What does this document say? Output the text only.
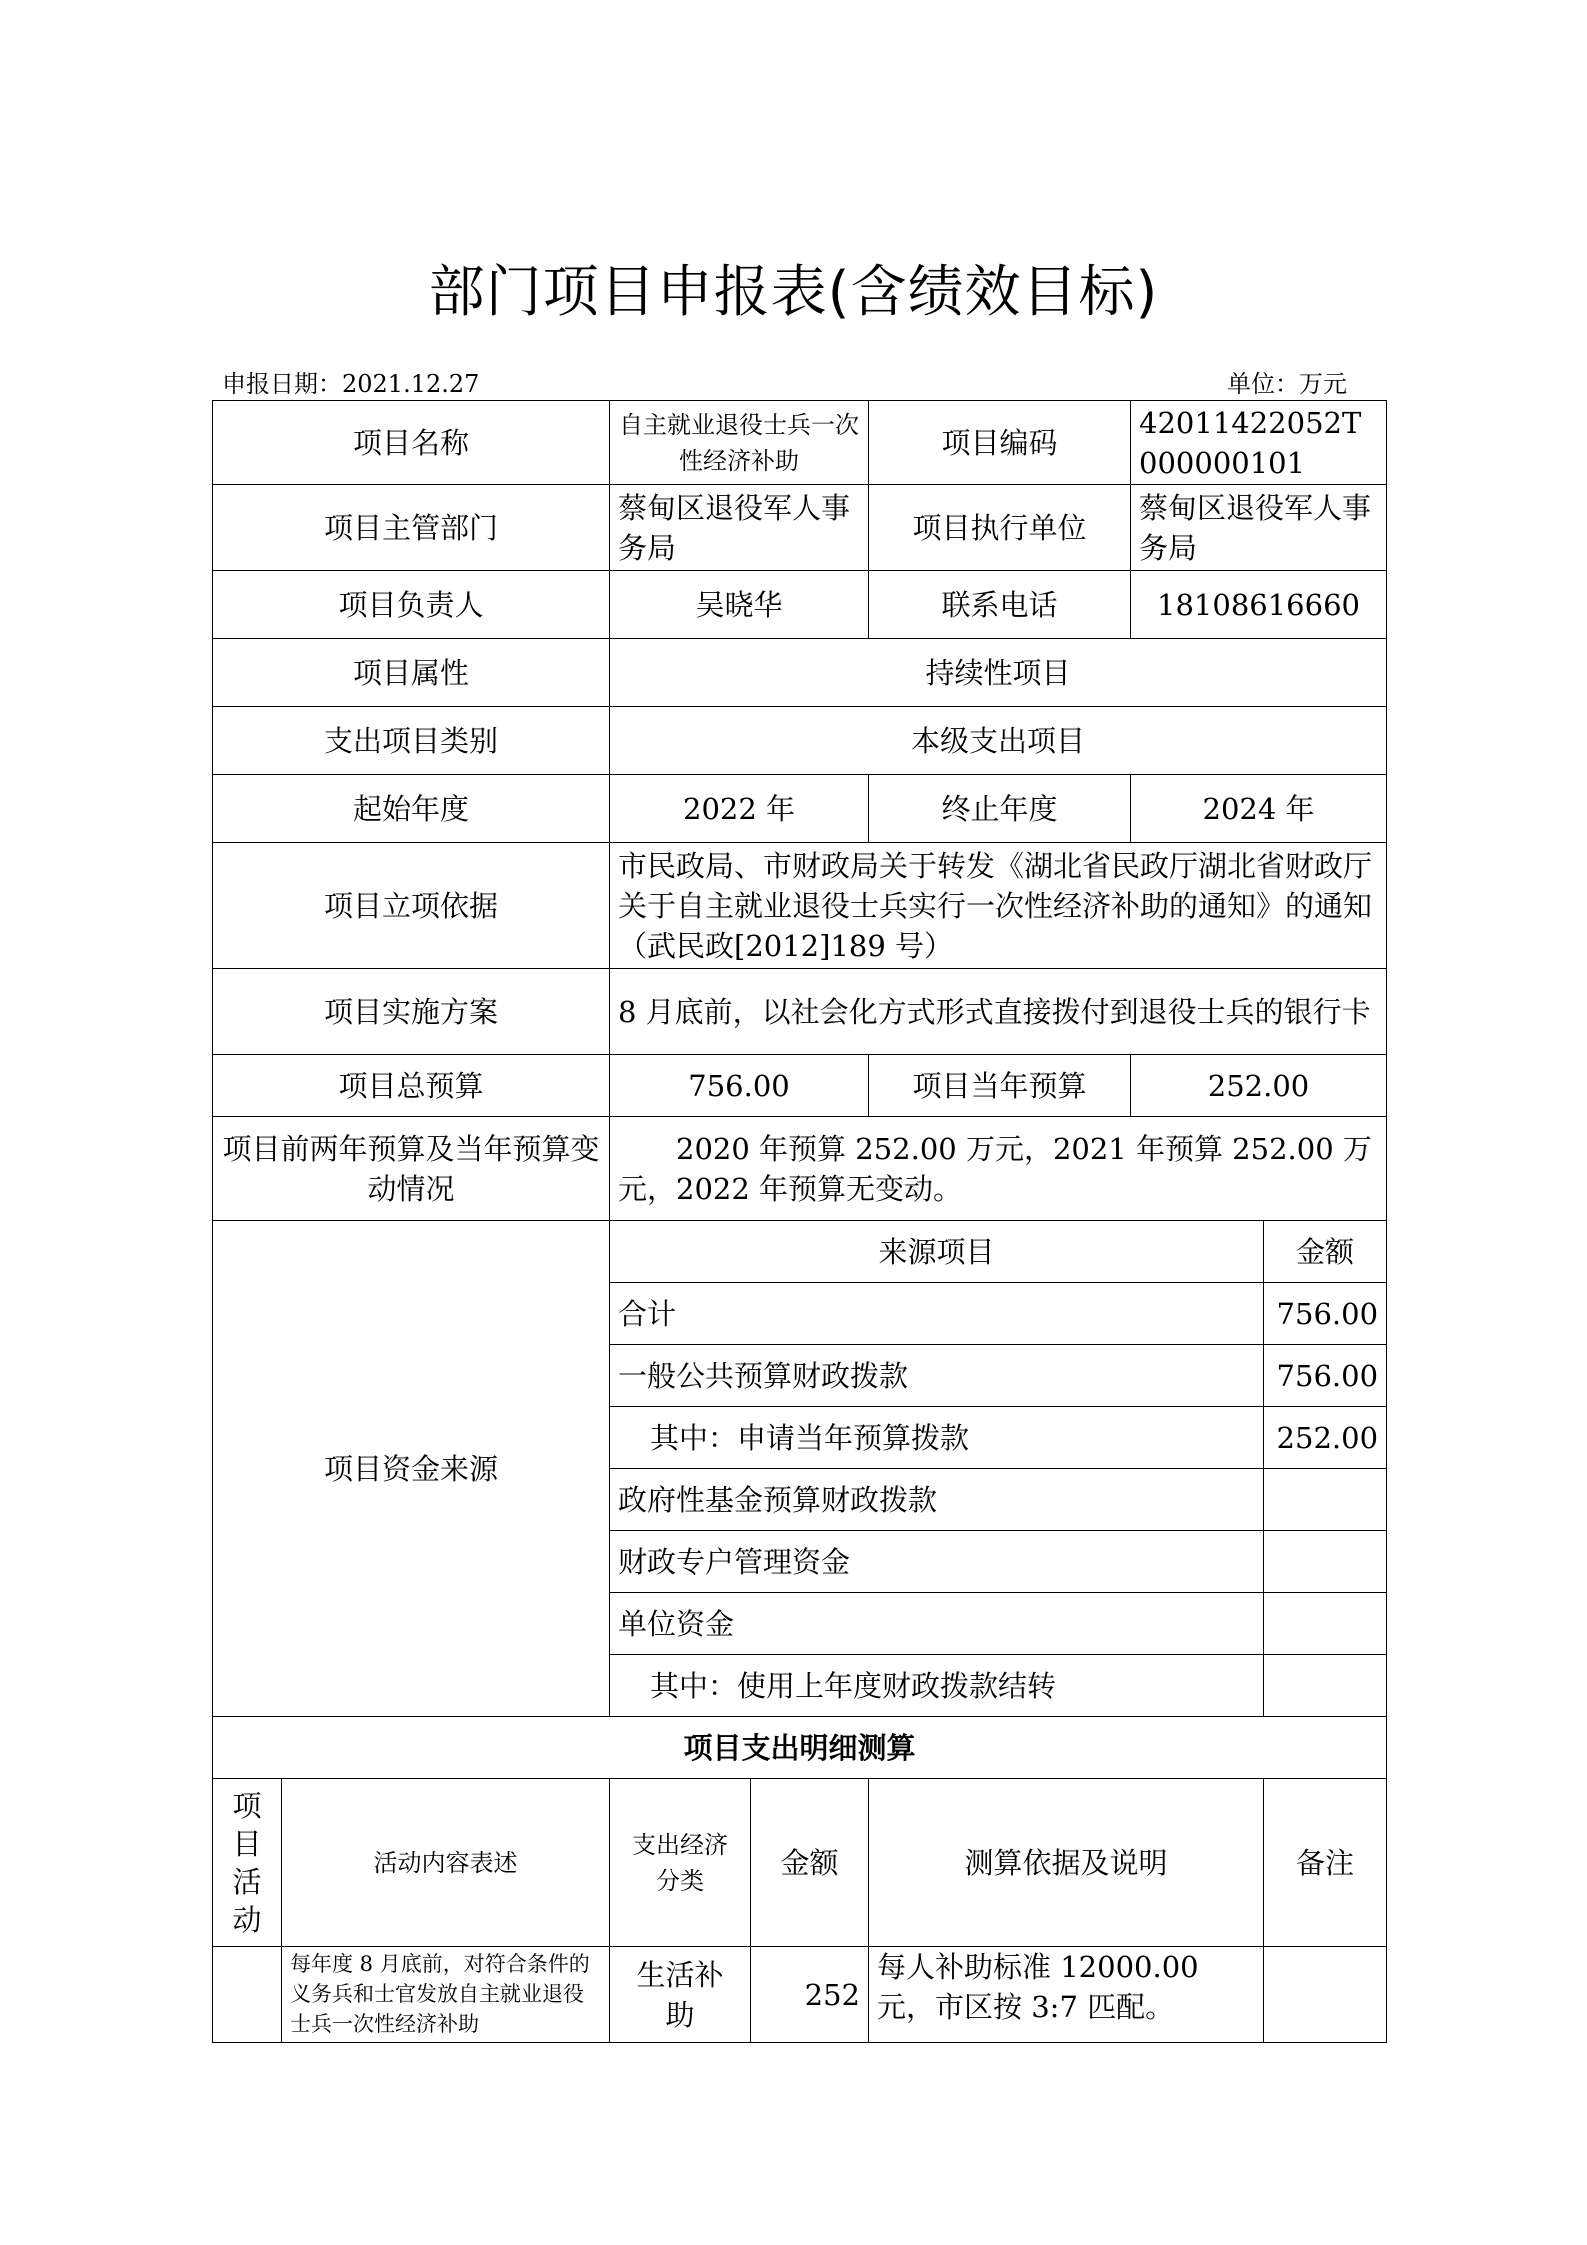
部门项目申报表(含绩效目标)
申报日期：2021.12.27	单位：万元
项目名称		自主就业退役士兵一次性经济补助		项目编码	42011422052T000000101	
项目主管部门		蔡甸区退役军人事务局		项目执行单位	蔡甸区退役军人事务局	
项目负责人		吴晓华		联系电话	18108616660	
项目属性		持续性项目				
支出项目类别		本级支出项目				
起始年度		2022 年		终止年度	2024 年	
项目立项依据		市民政局、市财政局关于转发《湖北省民政厅湖北省财政厅关于自主就业退役士兵实行一次性经济补助的通知》的通知（武民政[2012]189 号）				
项目实施方案		8 月底前，以社会化方式形式直接拨付到退役士兵的银行卡				
项目总预算		756.00		项目当年预算	252.00	
项目前两年预算及当年预算变动情况		2020 年预算 252.00 万元，2021 年预算 252.00 万元，2022 年预算无变动。				
项目资金来源		来源项目				金额
		合计				756.00
		一般公共预算财政拨款				756.00
		其中：申请当年预算拨款				252.00
		政府性基金预算财政拨款				
		财政专户管理资金				
		单位资金				
		其中：使用上年度财政拨款结转				
项目支出明细测算						
项目活动	活动内容表述	支出经济分类	金额	测算依据及说明		备注
	每年度 8 月底前，对符合条件的义务兵和士官发放自主就业退役士兵一次性经济补助	生活补助	252	每人补助标准 12000.00 元，市区按 3:7 匹配。		
